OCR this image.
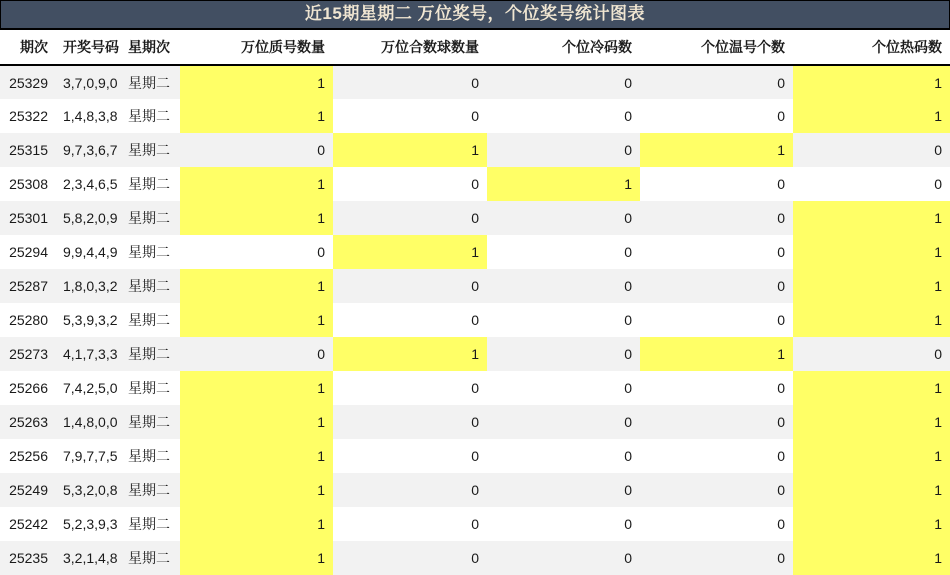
近15期星期二 万位奖号，个位奖号统计图表
期次	开奖号码	星期次	万位质号数量	万位合数球数量	个位冷码数	个位温号个数	个位热码数
25329	3,7,0,9,0	星期二	1	0	0	0	1
25322	1,4,8,3,8	星期二	1	0	0	0	1
25315	9,7,3,6,7	星期二	0	1	0	1	0
25308	2,3,4,6,5	星期二	1	0	1	0	0
25301	5,8,2,0,9	星期二	1	0	0	0	1
25294	9,9,4,4,9	星期二	0	1	0	0	1
25287	1,8,0,3,2	星期二	1	0	0	0	1
25280	5,3,9,3,2	星期二	1	0	0	0	1
25273	4,1,7,3,3	星期二	0	1	0	1	0
25266	7,4,2,5,0	星期二	1	0	0	0	1
25263	1,4,8,0,0	星期二	1	0	0	0	1
25256	7,9,7,7,5	星期二	1	0	0	0	1
25249	5,3,2,0,8	星期二	1	0	0	0	1
25242	5,2,3,9,3	星期二	1	0	0	0	1
25235	3,2,1,4,8	星期二	1	0	0	0	1
